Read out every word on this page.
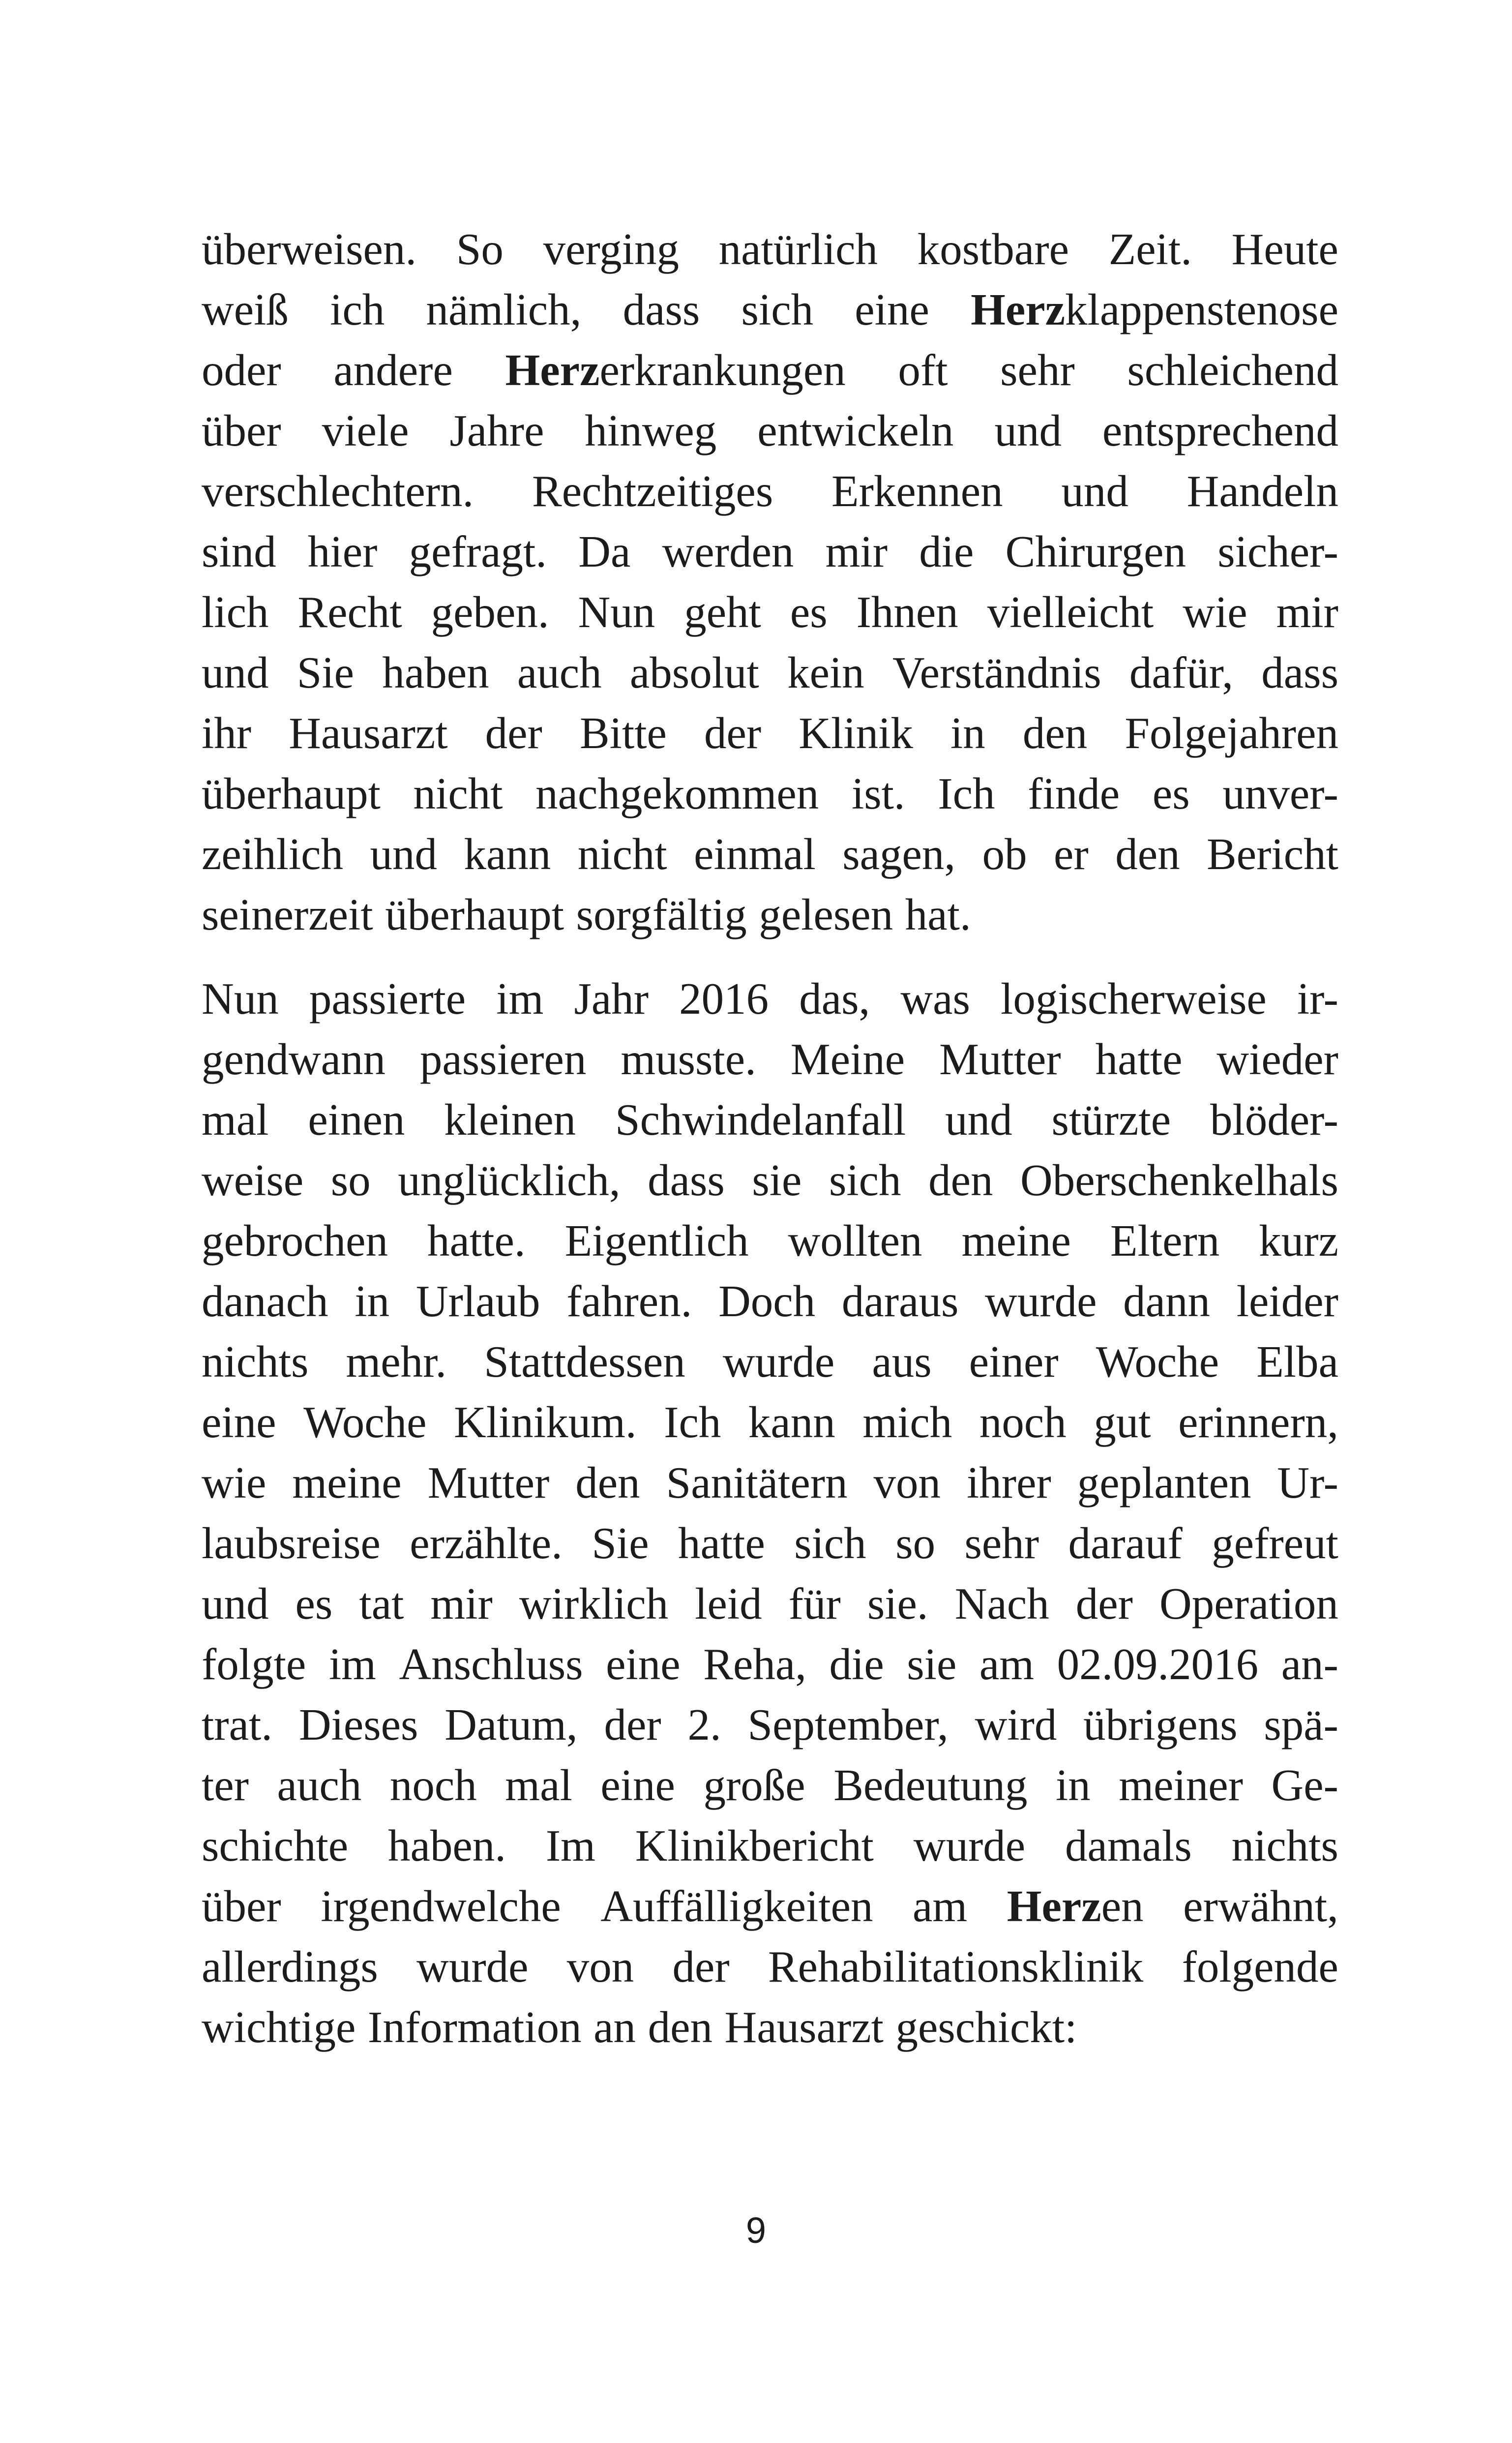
überweisen. So verging natürlich kostbare Zeit. Heute
weiß ich nämlich, dass sich eine Herzklappenstenose
oder andere Herzerkrankungen oft sehr schleichend
über viele Jahre hinweg entwickeln und entsprechend
verschlechtern. Rechtzeitiges Erkennen und Handeln
sind hier gefragt. Da werden mir die Chirurgen sicher-
lich Recht geben. Nun geht es Ihnen vielleicht wie mir
und Sie haben auch absolut kein Verständnis dafür, dass
ihr Hausarzt der Bitte der Klinik in den Folgejahren
überhaupt nicht nachgekommen ist. Ich finde es unver-
zeihlich und kann nicht einmal sagen, ob er den Bericht
seinerzeit überhaupt sorgfältig gelesen hat.
Nun passierte im Jahr 2016 das, was logischerweise ir-
gendwann passieren musste. Meine Mutter hatte wieder
mal einen kleinen Schwindelanfall und stürzte blöder-
weise so unglücklich, dass sie sich den Oberschenkelhals
gebrochen hatte. Eigentlich wollten meine Eltern kurz
danach in Urlaub fahren. Doch daraus wurde dann leider
nichts mehr. Stattdessen wurde aus einer Woche Elba
eine Woche Klinikum. Ich kann mich noch gut erinnern,
wie meine Mutter den Sanitätern von ihrer geplanten Ur-
laubsreise erzählte. Sie hatte sich so sehr darauf gefreut
und es tat mir wirklich leid für sie. Nach der Operation
folgte im Anschluss eine Reha, die sie am 02.09.2016 an-
trat. Dieses Datum, der 2. September, wird übrigens spä-
ter auch noch mal eine große Bedeutung in meiner Ge-
schichte haben. Im Klinikbericht wurde damals nichts
über irgendwelche Auffälligkeiten am Herzen erwähnt,
allerdings wurde von der Rehabilitationsklinik folgende
wichtige Information an den Hausarzt geschickt:
9
